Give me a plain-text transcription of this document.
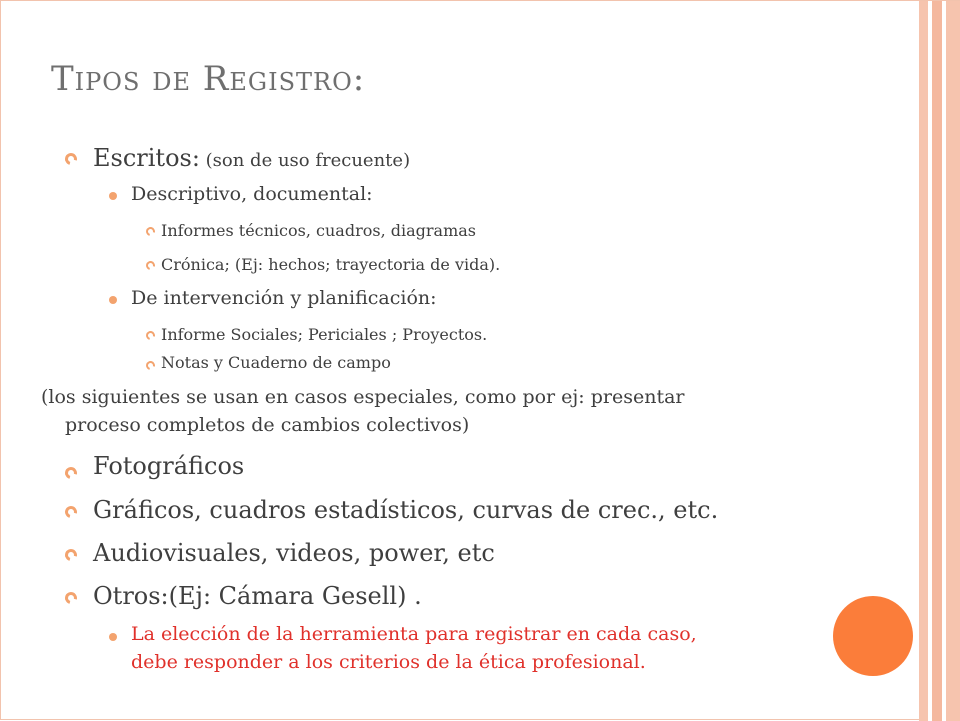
Tipos de Registro:
Escritos: (son de uso frecuente)
Descriptivo, documental:
Informes técnicos, cuadros, diagramas
Crónica; (Ej: hechos; trayectoria de vida).
De intervención y planificación:
Informe Sociales; Periciales ; Proyectos.
Notas y Cuaderno de campo
(los siguientes se usan en casos especiales, como por ej: presentar
proceso completos de cambios colectivos)
Fotográficos
Gráficos, cuadros estadísticos, curvas de crec., etc.
Audiovisuales, videos, power, etc
Otros:(Ej: Cámara Gesell) .
La elección de la herramienta para registrar en cada caso,
debe responder a los criterios de la ética profesional.
